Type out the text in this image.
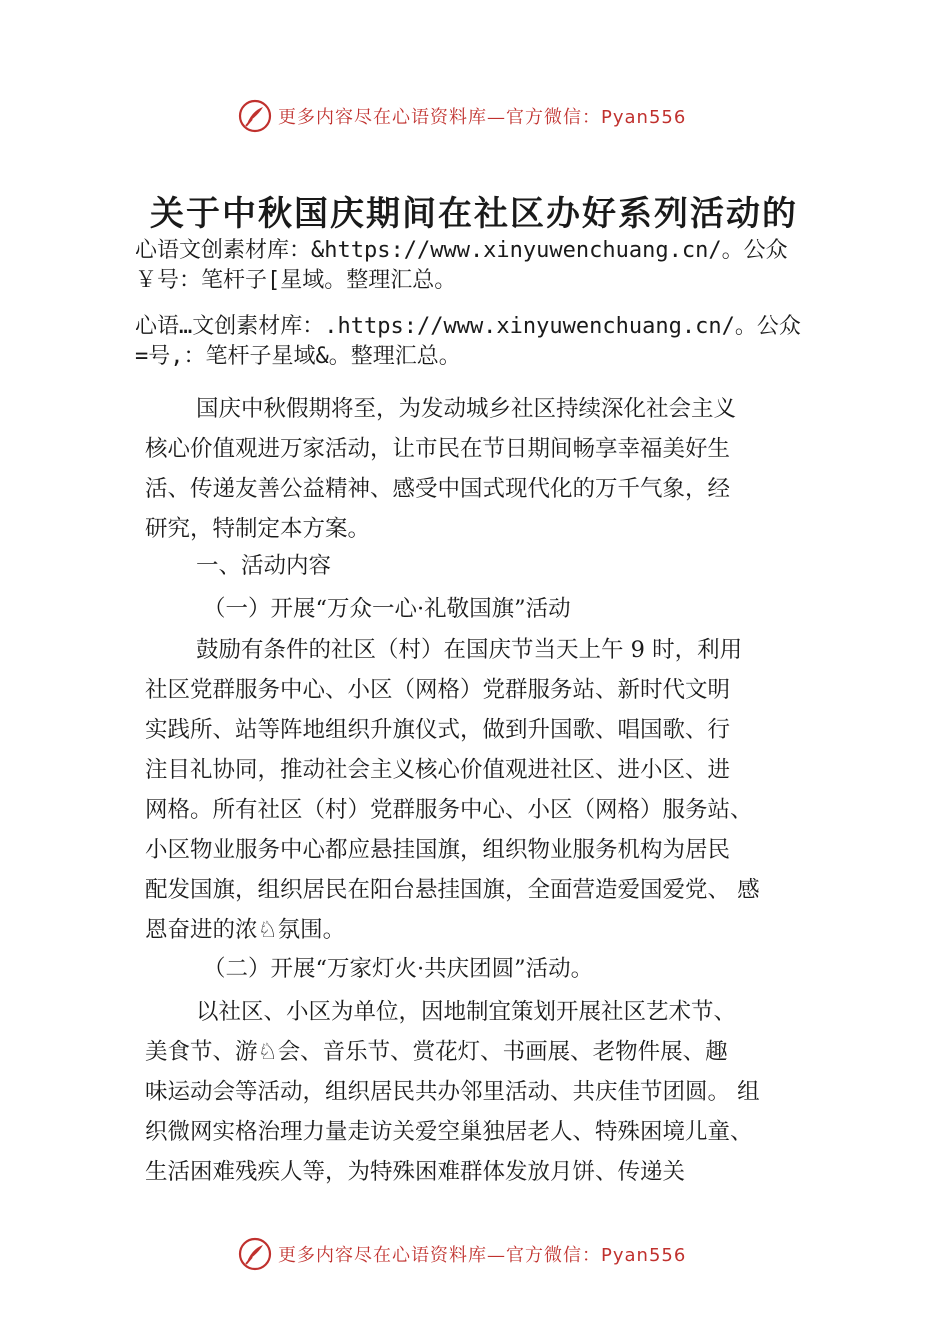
更多内容尽在心语资料库—官方微信：Pyan556
关于中秋国庆期间在社区办好系列活动的
心语文创素材库：&https://www.xinyuwenchuang.cn/。公众
￥号：笔杆子[星域。整理汇总。
心语…文创素材库：.https://www.xinyuwenchuang.cn/。公众
=号,：笔杆子星域&。整理汇总。
国庆中秋假期将至，为发动城乡社区持续深化社会主义
核心价值观进万家活动，让市民在节日期间畅享幸福美好生
活、传递友善公益精神、感受中国式现代化的万千气象，经
研究，特制定本方案。
一、活动内容
（一）开展“万众一心·礼敬国旗”活动
鼓励有条件的社区（村）在国庆节当天上午 9 时，利用
社区党群服务中心、小区（网格）党群服务站、新时代文明
实践所、站等阵地组织升旗仪式，做到升国歌、唱国歌、行
注目礼协同，推动社会主义核心价值观进社区、进小区、进
网格。所有社区（村）党群服务中心、小区（网格）服务站、
小区物业服务中心都应悬挂国旗，组织物业服务机构为居民
配发国旗，组织居民在阳台悬挂国旗，全面营造爱国爱党、 感
恩奋进的浓♘氛围。
（二）开展“万家灯火·共庆团圆”活动。
以社区、小区为单位，因地制宜策划开展社区艺术节、
美食节、游♘会、音乐节、赏花灯、书画展、老物件展、趣
味运动会等活动，组织居民共办邻里活动、共庆佳节团圆。 组
织微网实格治理力量走访关爱空巢独居老人、特殊困境儿童、
生活困难残疾人等，为特殊困难群体发放月饼、传递关
更多内容尽在心语资料库—官方微信：Pyan556
